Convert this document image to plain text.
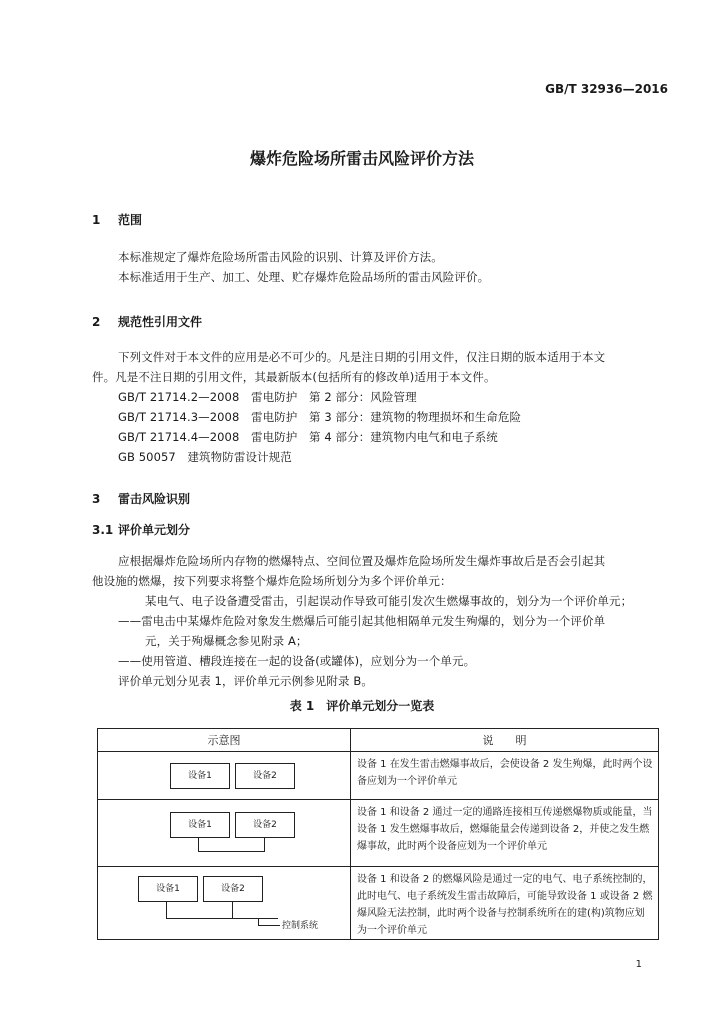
GB/T 32936—2016
爆炸危险场所雷击风险评价方法
1 范围
本标准规定了爆炸危险场所雷击风险的识别、计算及评价方法。
本标准适用于生产、加工、处理、贮存爆炸危险品场所的雷击风险评价。
2 规范性引用文件
下列文件对于本文件的应用是必不可少的。凡是注日期的引用文件，仅注日期的版本适用于本文
件。凡是不注日期的引用文件，其最新版本(包括所有的修改单)适用于本文件。
GB/T 21714.2—2008　雷电防护　第 2 部分：风险管理
GB/T 21714.3—2008　雷电防护　第 3 部分：建筑物的物理损坏和生命危险
GB/T 21714.4—2008　雷电防护　第 4 部分：建筑物内电气和电子系统
GB 50057　建筑物防雷设计规范
3 雷击风险识别
3.1 评价单元划分
应根据爆炸危险场所内存物的燃爆特点、空间位置及爆炸危险场所发生爆炸事故后是否会引起其
他设施的燃爆，按下列要求将整个爆炸危险场所划分为多个评价单元：
某电气、电子设备遭受雷击，引起误动作导致可能引发次生燃爆事故的，划分为一个评价单元；
——雷电击中某爆炸危险对象发生燃爆后可能引起其他相隔单元发生殉爆的，划分为一个评价单
元，关于殉爆概念参见附录 A；
——使用管道、槽段连接在一起的设备(或罐体)，应划分为一个单元。
评价单元划分见表 1，评价单元示例参见附录 B。
表 1　评价单元划分一览表
示意图	说　　明

设备1 设备2	设备 1 在发生雷击燃爆事故后，会使设备 2 发生殉爆，此时两个设备应划为一个评价单元

设备1 设备2	设备 1 和设备 2 通过一定的通路连接相互传递燃爆物质或能量，当设备 1 发生燃爆事故后，燃爆能量会传递到设备 2，并使之发生燃爆事故，此时两个设备应划为一个评价单元

设备1 设备2
控制系统	设备 1 和设备 2 的燃爆风险是通过一定的电气、电子系统控制的，此时电气、电子系统发生雷击故障后，可能导致设备 1 或设备 2 燃爆风险无法控制，此时两个设备与控制系统所在的建(构)筑物应划为一个评价单元
1
